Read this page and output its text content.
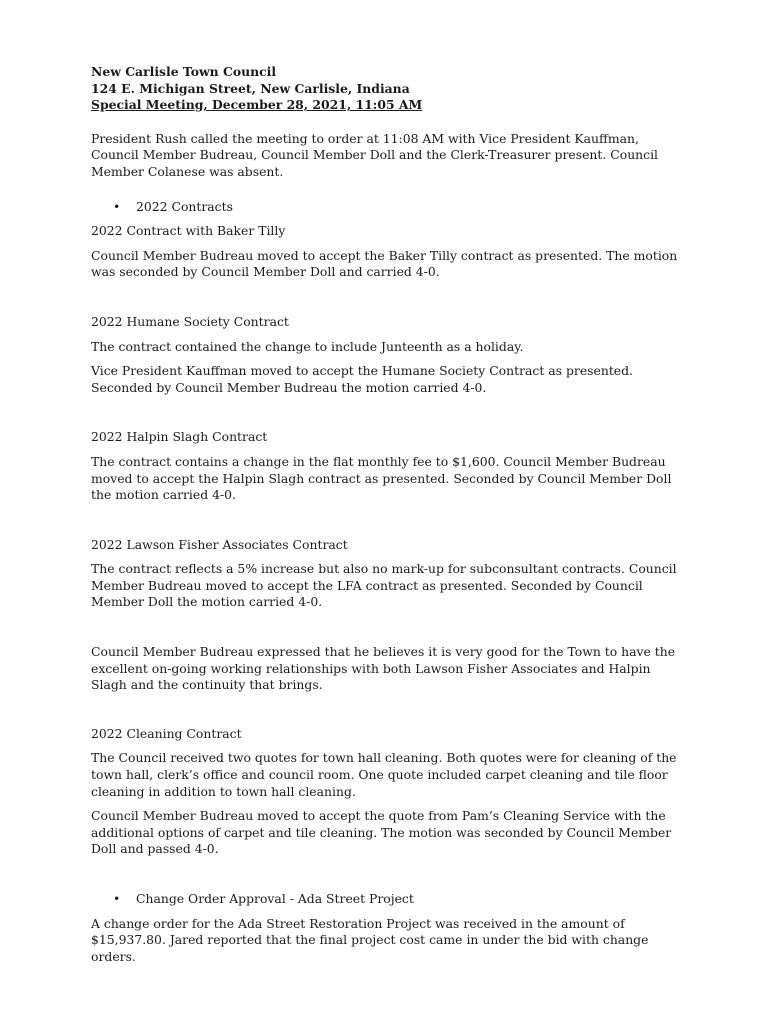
New Carlisle Town Council
124 E. Michigan Street, New Carlisle, Indiana
Special Meeting, December 28, 2021, 11:05 AM

President Rush called the meeting to order at 11:08 AM with Vice President Kauffman, Council Member Budreau, Council Member Doll and the Clerk-Treasurer present. Council Member Colanese was absent.

• 2022 Contracts

2022 Contract with Baker Tilly

Council Member Budreau moved to accept the Baker Tilly contract as presented. The motion was seconded by Council Member Doll and carried 4-0.

2022 Humane Society Contract

The contract contained the change to include Junteenth as a holiday.

Vice President Kauffman moved to accept the Humane Society Contract as presented. Seconded by Council Member Budreau the motion carried 4-0.

2022 Halpin Slagh Contract

The contract contains a change in the flat monthly fee to $1,600. Council Member Budreau moved to accept the Halpin Slagh contract as presented. Seconded by Council Member Doll the motion carried 4-0.

2022 Lawson Fisher Associates Contract

The contract reflects a 5% increase but also no mark-up for subconsultant contracts. Council Member Budreau moved to accept the LFA contract as presented. Seconded by Council Member Doll the motion carried 4-0.

Council Member Budreau expressed that he believes it is very good for the Town to have the excellent on-going working relationships with both Lawson Fisher Associates and Halpin Slagh and the continuity that brings.

2022 Cleaning Contract

The Council received two quotes for town hall cleaning. Both quotes were for cleaning of the town hall, clerk’s office and council room. One quote included carpet cleaning and tile floor cleaning in addition to town hall cleaning.

Council Member Budreau moved to accept the quote from Pam’s Cleaning Service with the additional options of carpet and tile cleaning. The motion was seconded by Council Member Doll and passed 4-0.

• Change Order Approval - Ada Street Project

A change order for the Ada Street Restoration Project was received in the amount of $15,937.80. Jared reported that the final project cost came in under the bid with change orders.
